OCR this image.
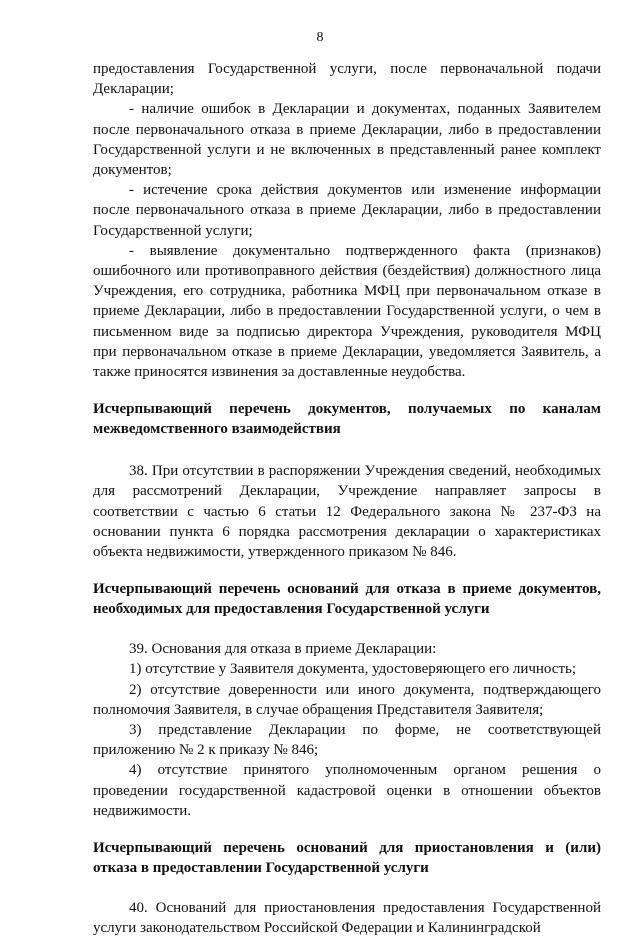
8

предоставления Государственной услуги, после первоначальной подачи Декларации;

- наличие ошибок в Декларации и документах, поданных Заявителем после первоначального отказа в приеме Декларации, либо в предоставлении Государственной услуги и не включенных в представленный ранее комплект документов;

- истечение срока действия документов или изменение информации после первоначального отказа в приеме Декларации, либо в предоставлении Государственной услуги;

- выявление документально подтвержденного факта (признаков) ошибочного или противоправного действия (бездействия) должностного лица Учреждения, его сотрудника, работника МФЦ при первоначальном отказе в приеме Декларации, либо в предоставлении Государственной услуги, о чем в письменном виде за подписью директора Учреждения, руководителя МФЦ при первоначальном отказе в приеме Декларации, уведомляется Заявитель, а также приносятся извинения за доставленные неудобства.

Исчерпывающий перечень документов, получаемых по каналам межведомственного взаимодействия

38. При отсутствии в распоряжении Учреждения сведений, необходимых для рассмотрений Декларации, Учреждение направляет запросы в соответствии с частью 6 статьи 12 Федерального закона № 237-ФЗ на основании пункта 6 порядка рассмотрения декларации о характеристиках объекта недвижимости, утвержденного приказом № 846.

Исчерпывающий перечень оснований для отказа в приеме документов, необходимых для предоставления Государственной услуги

39. Основания для отказа в приеме Декларации:

1) отсутствие у Заявителя документа, удостоверяющего его личность;

2) отсутствие доверенности или иного документа, подтверждающего полномочия Заявителя, в случае обращения Представителя Заявителя;

3) представление Декларации по форме, не соответствующей приложению № 2 к приказу № 846;

4) отсутствие принятого уполномоченным органом решения о проведении государственной кадастровой оценки в отношении объектов недвижимости.

Исчерпывающий перечень оснований для приостановления и (или) отказа в предоставлении Государственной услуги

40. Оснований для приостановления предоставления Государственной услуги законодательством Российской Федерации и Калининградской
